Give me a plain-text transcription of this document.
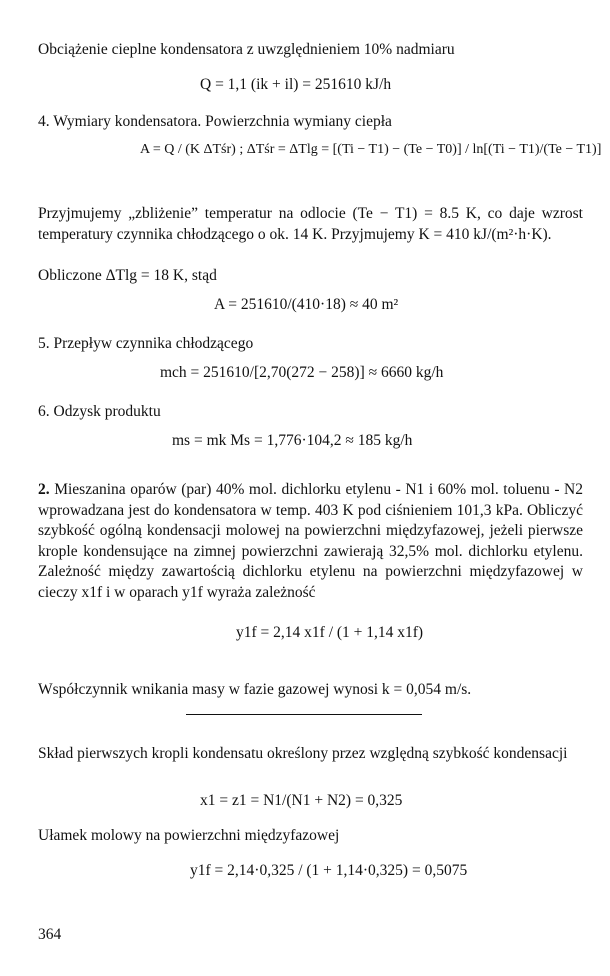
Obciążenie cieplne kondensatora z uwzględnieniem 10% nadmiaru
Q = 1,1 (ik + il) = 251610 kJ/h
4. Wymiary kondensatora. Powierzchnia wymiany ciepła
A = Q / (K ΔTśr) ; ΔTśr = ΔTlg = [(Ti − T1) − (Te − T0)] / ln[(Ti − T1)/(Te − T1)]
Przyjmujemy „zbliżenie” temperatur na odlocie (Te − T1) = 8.5 K, co daje wzrost temperatury czynnika chłodzącego o ok. 14 K. Przyjmujemy K = 410 kJ/(m²·h·K).
Obliczone ΔTlg = 18 K, stąd
A = 251610/(410·18) ≈ 40 m²
5. Przepływ czynnika chłodzącego
mch = 251610/[2,70(272 − 258)] ≈ 6660 kg/h
6. Odzysk produktu
ms = mk Ms = 1,776·104,2 ≈ 185 kg/h
2. Mieszanina oparów (par) 40% mol. dichlorku etylenu - N1 i 60% mol. toluenu - N2 wprowadzana jest do kondensatora w temp. 403 K pod ciśnieniem 101,3 kPa. Obliczyć szybkość ogólną kondensacji molowej na powierzchni międzyfazowej, jeżeli pierwsze krople kondensujące na zimnej powierzchni zawierają 32,5% mol. dichlorku etylenu. Zależność między zawartością dichlorku etylenu na powierzchni międzyfazowej w cieczy x1f i w oparach y1f wyraża zależność
y1f = 2,14 x1f / (1 + 1,14 x1f)
Współczynnik wnikania masy w fazie gazowej wynosi k = 0,054 m/s.
Skład pierwszych kropli kondensatu określony przez względną szybkość kondensacji
x1 = z1 = N1/(N1 + N2) = 0,325
Ułamek molowy na powierzchni międzyfazowej
y1f = 2,14·0,325 / (1 + 1,14·0,325) = 0,5075
364
